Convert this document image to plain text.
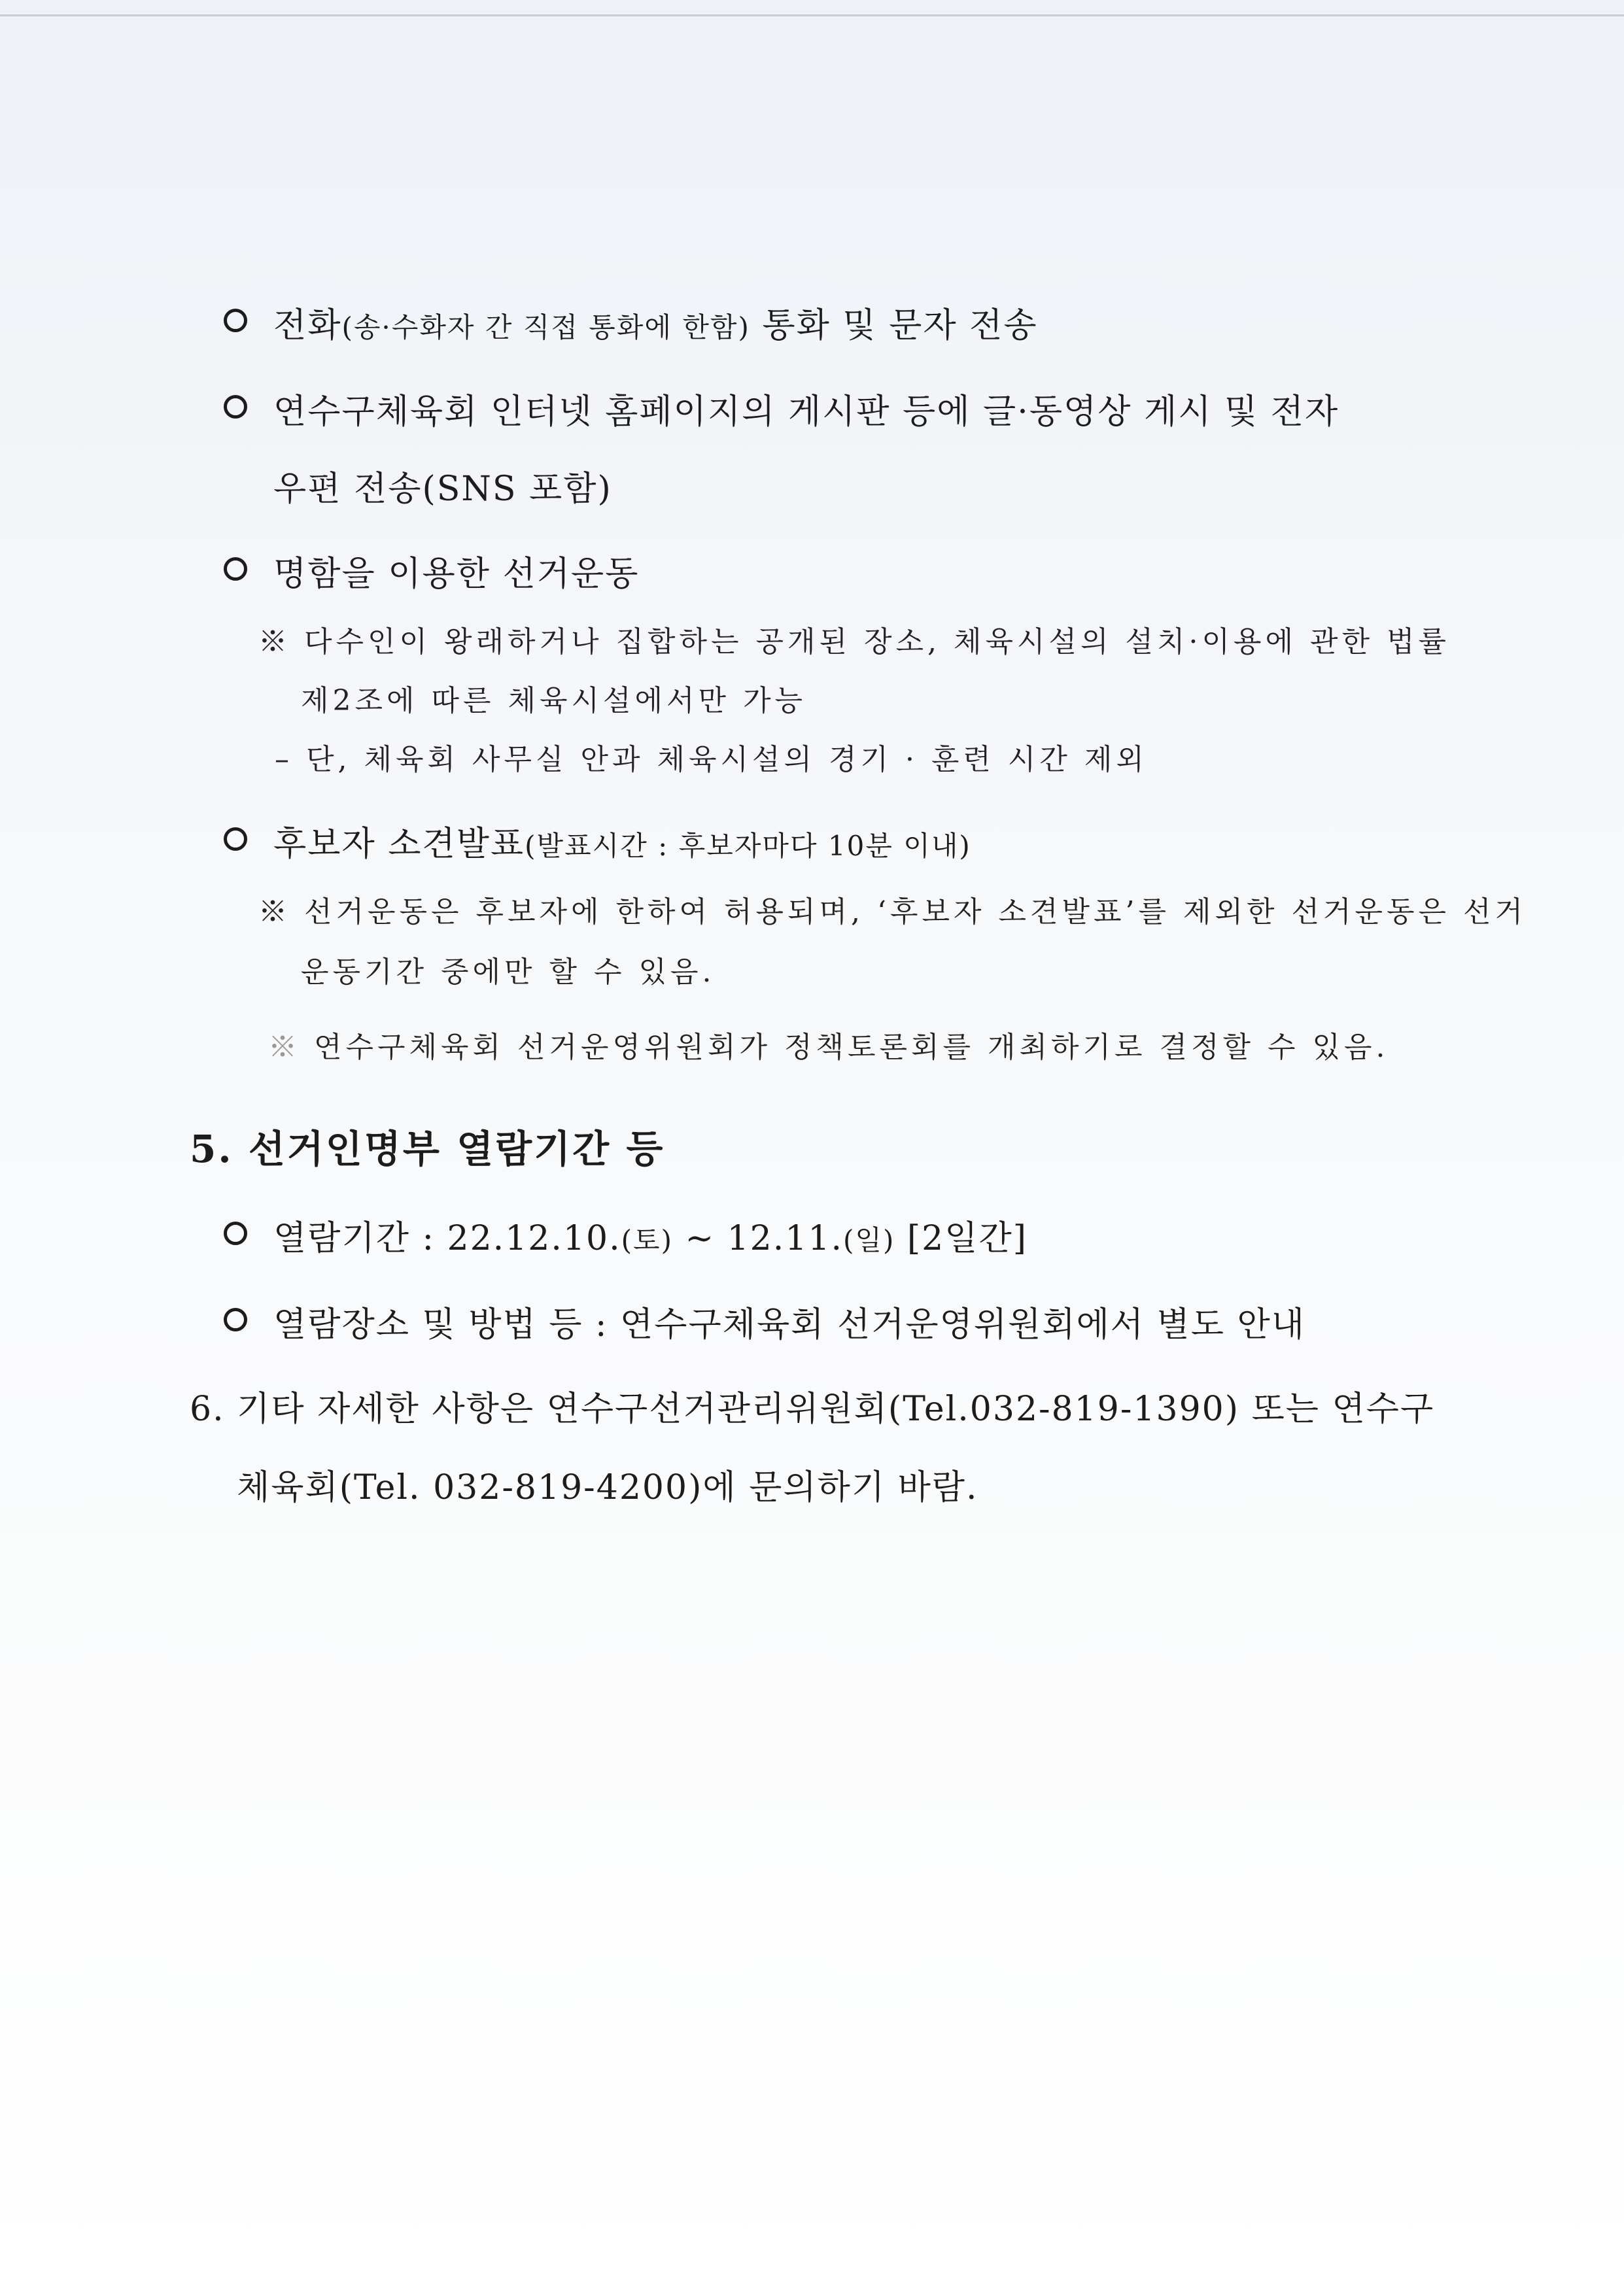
전화(송·수화자 간 직접 통화에 한함) 통화 및 문자 전송
연수구체육회 인터넷 홈페이지의 게시판 등에 글·동영상 게시 및 전자
우편 전송(SNS 포함)
명함을 이용한 선거운동
※ 다수인이 왕래하거나 집합하는 공개된 장소, 체육시설의 설치·이용에 관한 법률
제2조에 따른 체육시설에서만 가능
– 단, 체육회 사무실 안과 체육시설의 경기 · 훈련 시간 제외
후보자 소견발표(발표시간 : 후보자마다 10분 이내)
※ 선거운동은 후보자에 한하여 허용되며, ‘후보자 소견발표’를 제외한 선거운동은 선거
운동기간 중에만 할 수 있음.
※ 연수구체육회 선거운영위원회가 정책토론회를 개최하기로 결정할 수 있음.
5. 선거인명부 열람기간 등
열람기간 : 22.12.10.(토) ~ 12.11.(일) [2일간]
열람장소 및 방법 등 : 연수구체육회 선거운영위원회에서 별도 안내
6. 기타 자세한 사항은 연수구선거관리위원회(Tel.032-819-1390) 또는 연수구
체육회(Tel. 032-819-4200)에 문의하기 바람.
